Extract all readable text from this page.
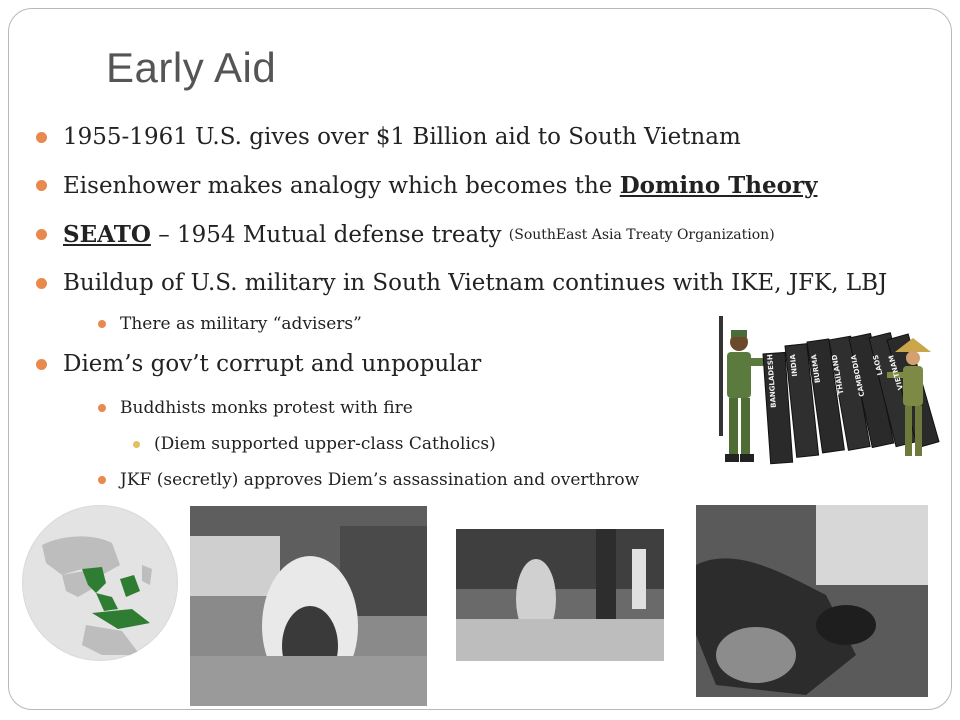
Early Aid
1955-1961 U.S. gives over $1 Billion aid to South Vietnam
Eisenhower makes analogy which becomes the Domino Theory
SEATO – 1954 Mutual defense treaty (SouthEast Asia Treaty Organization)
Buildup of U.S. military in South Vietnam continues with IKE, JFK, LBJ
There as military “advisers”
Diem’s gov’t corrupt and unpopular
Buddhists monks protest with fire
(Diem supported upper-class Catholics)
JKF (secretly) approves Diem’s assassination and overthrow
BANGLADESH	INDIA	BURMA	THAILAND CAMBODIA LAOS VIETNAM
